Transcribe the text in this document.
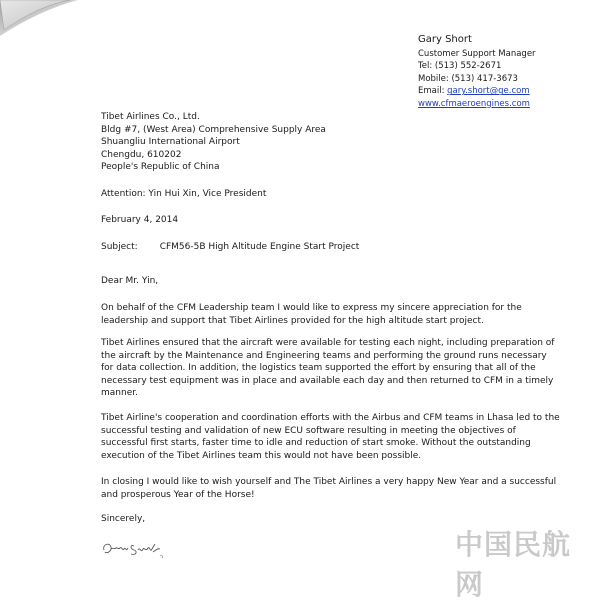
Gary Short
Customer Support Manager
Tel: (513) 552-2671
Mobile: (513) 417-3673
Email: gary.short@ge.com
www.cfmaeroengines.com
Tibet Airlines Co., Ltd.
Bldg #7, (West Area) Comprehensive Supply Area
Shuangliu International Airport
Chengdu, 610202
People's Republic of China
Attention: Yin Hui Xin, Vice President
February 4, 2014
Subject: CFM56-5B High Altitude Engine Start Project
Dear Mr. Yin,
On behalf of the CFM Leadership team I would like to express my sincere appreciation for the leadership and support that Tibet Airlines provided for the high altitude start project.
Tibet Airlines ensured that the aircraft were available for testing each night, including preparation of the aircraft by the Maintenance and Engineering teams and performing the ground runs necessary for data collection. In addition, the logistics team supported the effort by ensuring that all of the necessary test equipment was in place and available each day and then returned to CFM in a timely manner.
Tibet Airline's cooperation and coordination efforts with the Airbus and CFM teams in Lhasa led to the successful testing and validation of new ECU software resulting in meeting the objectives of successful first starts, faster time to idle and reduction of start smoke. Without the outstanding execution of the Tibet Airlines team this would not have been possible.
In closing I would like to wish yourself and The Tibet Airlines a very happy New Year and a successful and prosperous Year of the Horse!
Sincerely,
中国民航网
